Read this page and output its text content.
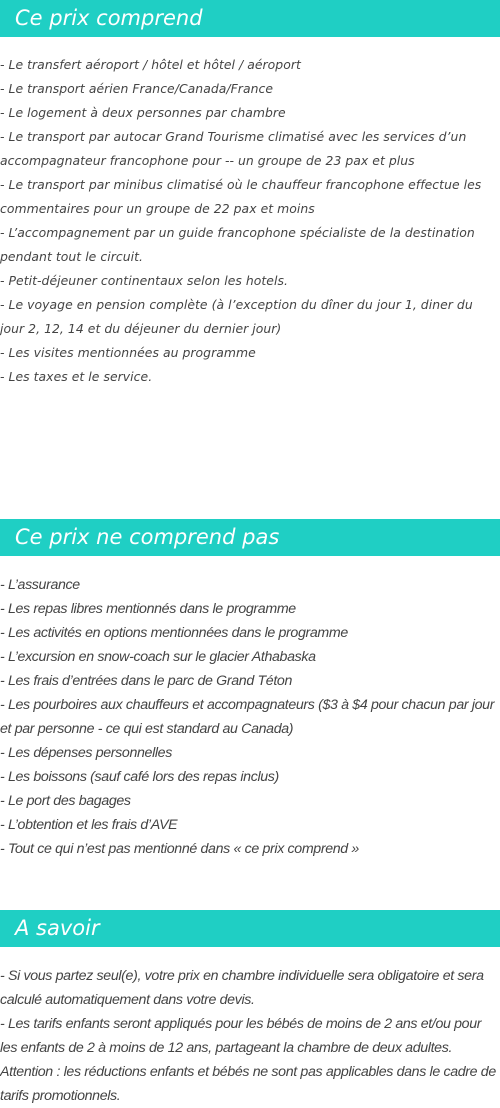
Ce prix comprend
- Le transfert aéroport / hôtel et hôtel / aéroport
- Le transport aérien France/Canada/France
- Le logement à deux personnes par chambre
- Le transport par autocar Grand Tourisme climatisé avec les services d’un accompagnateur francophone pour -- un groupe de 23 pax et plus
- Le transport par minibus climatisé où le chauffeur francophone effectue les commentaires pour un groupe de 22 pax et moins
- L’accompagnement par un guide francophone spécialiste de la destination pendant tout le circuit.
- Petit-déjeuner continentaux selon les hotels.
- Le voyage en pension complète (à l’exception du dîner du jour 1, diner du jour 2, 12, 14 et du déjeuner du dernier jour)
- Les visites mentionnées au programme
- Les taxes et le service.
Ce prix ne comprend pas
- L’assurance
- Les repas libres mentionnés dans le programme
- Les activités en options mentionnées dans le programme
- L’excursion en snow-coach sur le glacier Athabaska
- Les frais d’entrées dans le parc de Grand Téton
- Les pourboires aux chauffeurs et accompagnateurs ($3 à $4 pour chacun par jour et par personne - ce qui est standard au Canada)
- Les dépenses personnelles
- Les boissons (sauf café lors des repas inclus)
- Le port des bagages
- L’obtention et les frais d’AVE
- Tout ce qui n’est pas mentionné dans « ce prix comprend »
A savoir
- Si vous partez seul(e), votre prix en chambre individuelle sera obligatoire et sera calculé automatiquement dans votre devis.
- Les tarifs enfants seront appliqués pour les bébés de moins de 2 ans et/ou pour les enfants de 2 à moins de 12 ans, partageant la chambre de deux adultes.
Attention : les réductions enfants et bébés ne sont pas applicables dans le cadre de tarifs promotionnels.
